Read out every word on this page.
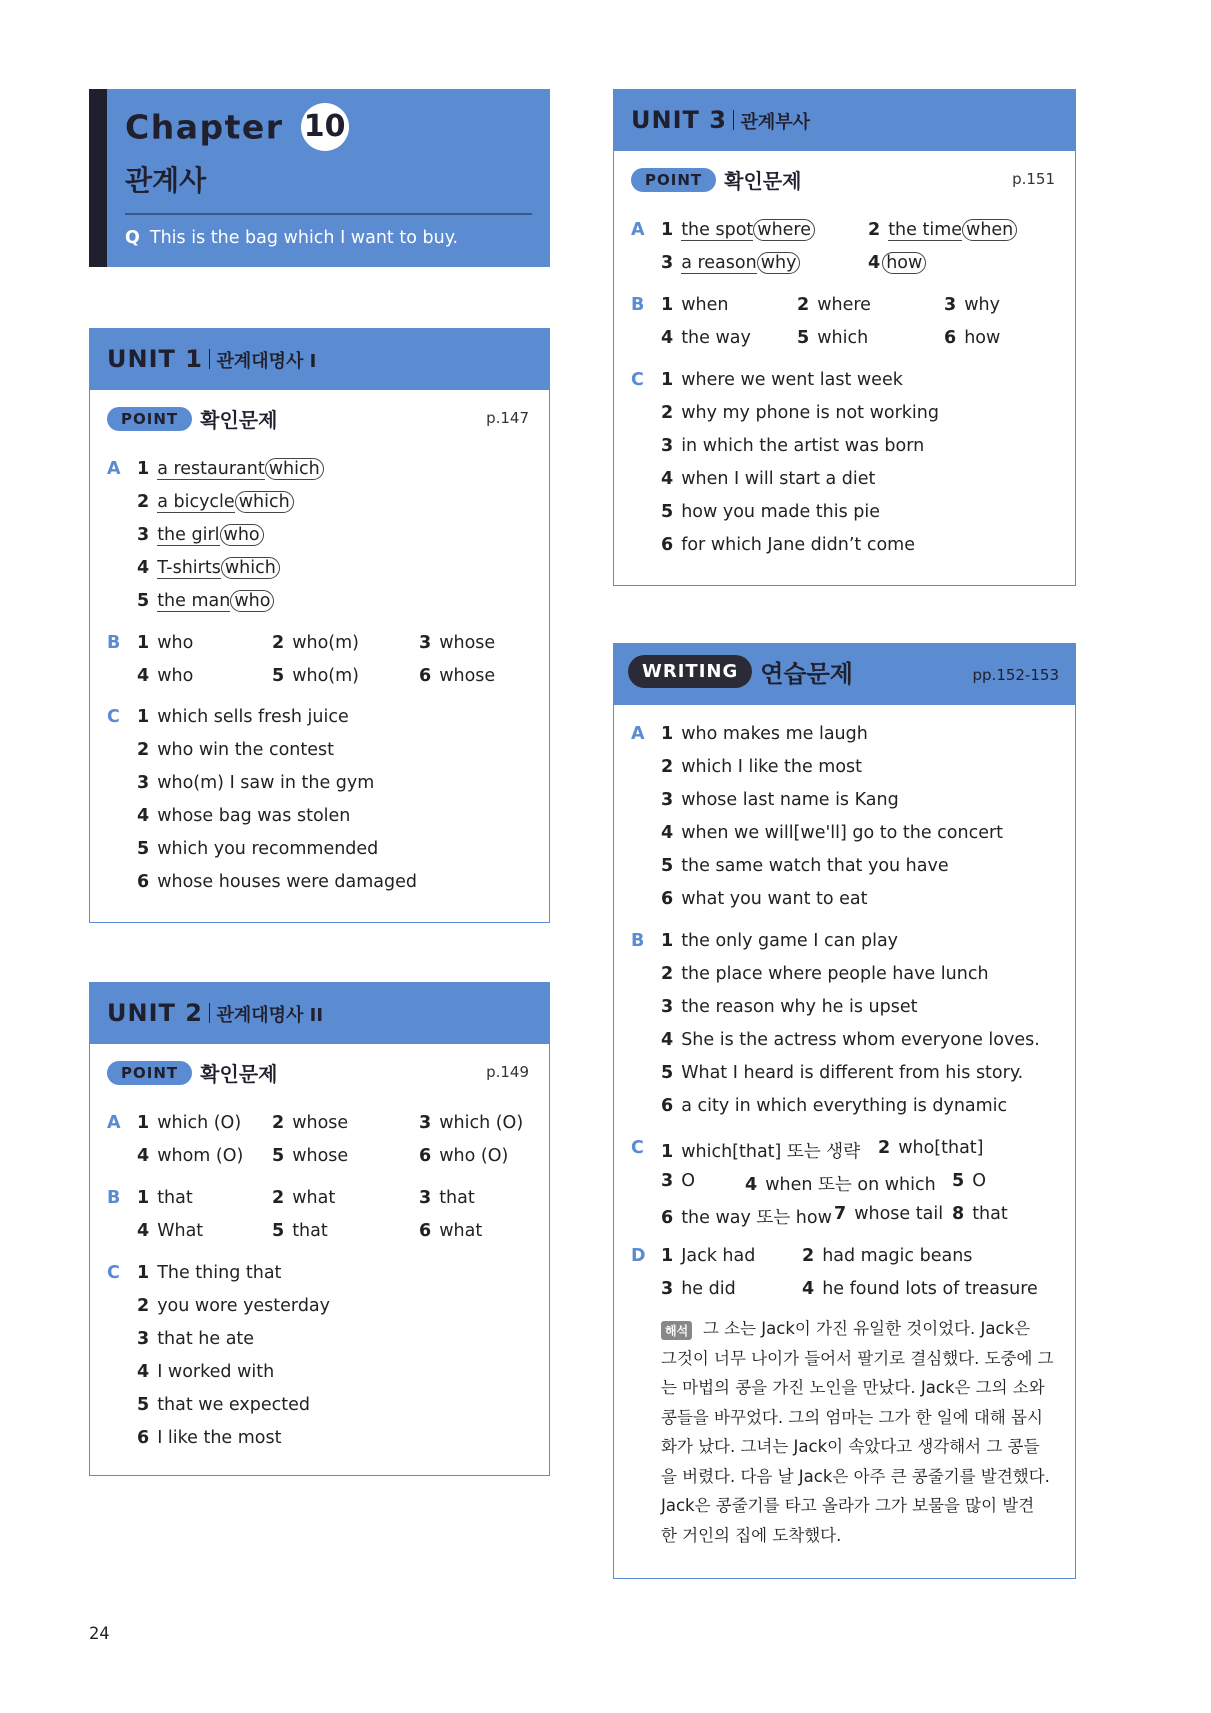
Chapter 10
관계사
Q This is the bag which I want to buy.
UNIT 1 관계대명사 I
POINT 확인문제	p.147
A 1 a restaurant which
2 a bicycle which
3 the girl who
4 T-shirts which
5 the man who
B 1 who	2 who(m)	3 whose
4 who	5 who(m)	6 whose
C 1 which sells fresh juice
2 who win the contest
3 who(m) I saw in the gym
4 whose bag was stolen
5 which you recommended
6 whose houses were damaged
UNIT 2 관계대명사 II
POINT 확인문제	p.149
A 1 which (O) 2 whose	3 which (O)
4 whom (O) 5 whose	6 who (O)
B 1 that	2 what	3 that
4 What	5 that	6 what
C 1 The thing that
2 you wore yesterday
3 that he ate
4 I worked with
5 that we expected
6 I like the most
UNIT 3 관계부사
POINT 확인문제	p.151
A 1 the spot where	2 the time when
3 a reason why	4 how
B 1 when	2 where	3 why
4 the way	5 which	6 how
C 1 where we went last week
2 why my phone is not working
3 in which the artist was born
4 when I will start a diet
5 how you made this pie
6 for which Jane didn’t come
WRITING 연습문제	pp.152-153
A 1 who makes me laugh
2 which I like the most
3 whose last name is Kang
4 when we will[we'll] go to the concert
5 the same watch that you have
6 what you want to eat
B 1 the only game I can play
2 the place where people have lunch
3 the reason why he is upset
4 She is the actress whom everyone loves.
5 What I heard is different from his story.
6 a city in which everything is dynamic
C 1 which[that] 또는 생략 2 who[that]
3 O	4 when 또는 on which 5 O
6 the way 또는 how 7 whose tail 8 that
D 1 Jack had	2 had magic beans
3 he did	4 he found lots of treasure
해석 그 소는 Jack이 가진 유일한 것이었다. Jack은
그것이 너무 나이가 들어서 팔기로 결심했다. 도중에 그
는 마법의 콩을 가진 노인을 만났다. Jack은 그의 소와
콩들을 바꾸었다. 그의 엄마는 그가 한 일에 대해 몹시
화가 났다. 그녀는 Jack이 속았다고 생각해서 그 콩들
을 버렸다. 다음 날 Jack은 아주 큰 콩줄기를 발견했다.
Jack은 콩줄기를 타고 올라가 그가 보물을 많이 발견
한 거인의 집에 도착했다.
24
